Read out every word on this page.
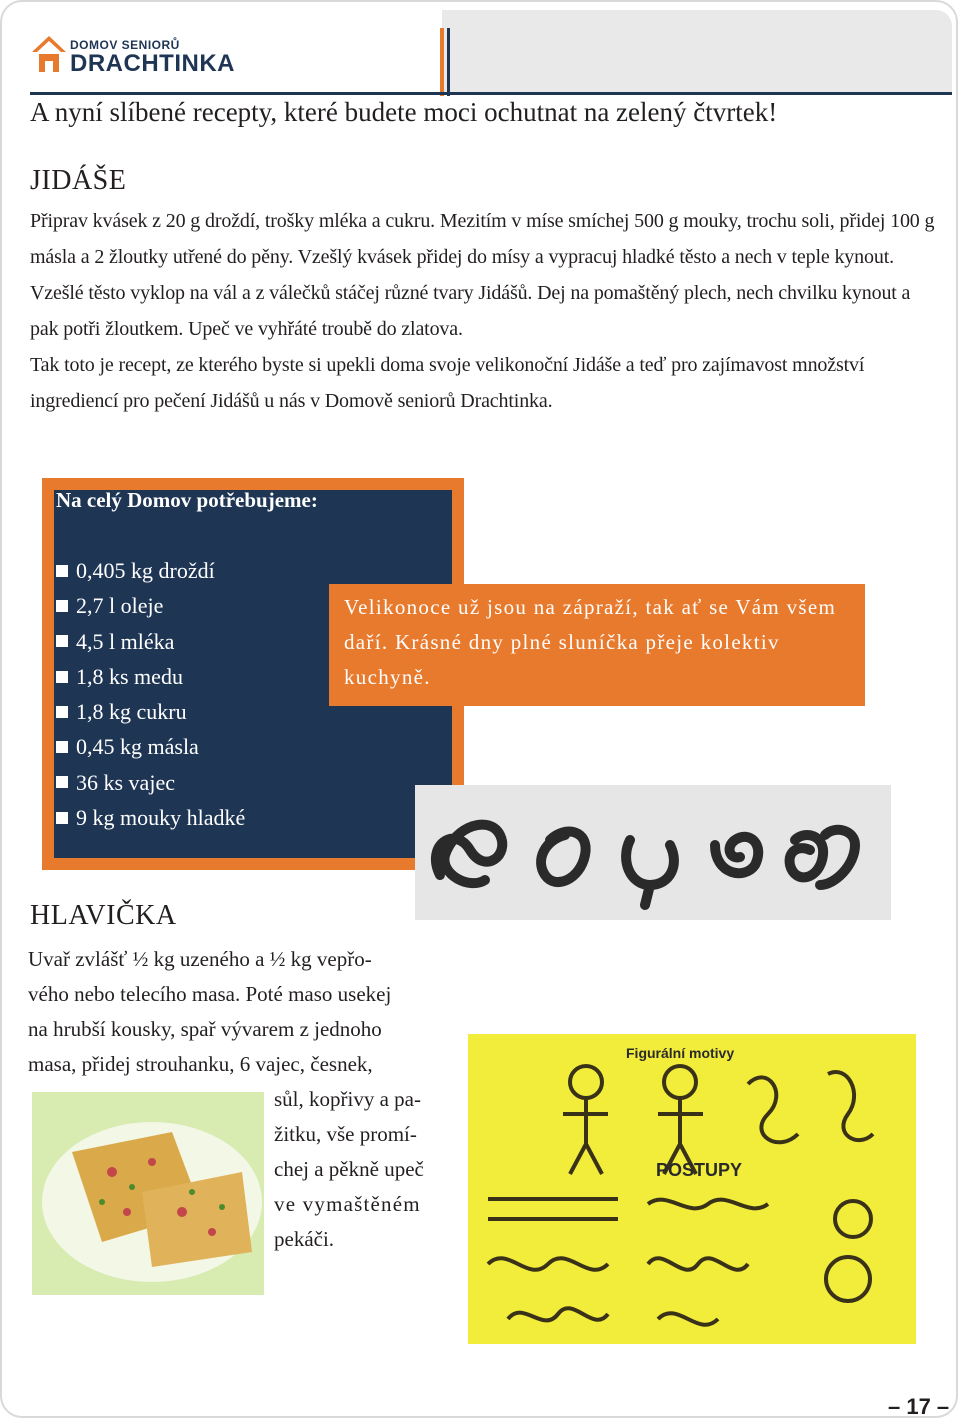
DOMOV SENIORŮ
DRACHTINKA
A nyní slíbené recepty, které budete moci ochutnat na zelený čtvrtek!
JIDÁŠE

Připrav kvásek z 20 g droždí, trošky mléka a cukru. Mezitím v míse smíchej 500 g mouky, trochu soli, přidej 100 g másla a 2 žloutky utřené do pěny. Vzešlý kvásek přidej do mísy a vypracuj hladké těsto a nech v teple kynout. Vzešlé těsto vyklop na vál a z válečků stáčej různé tvary Jidášů. Dej na pomaštěný plech, nech chvilku kynout a pak potři žloutkem. Upeč ve vyhřáté troubě do zlatova.

Tak toto je recept, ze kterého byste si upekli doma svoje velikonoční Jidáše a teď pro zajímavost množství ingrediencí pro pečení Jidášů u nás v Domově seniorů Drachtinka.

Na celý Domov potřebujeme:
0,405 kg droždí
2,7 l oleje
4,5 l mléka
1,8 ks medu
1,8 kg cukru
0,45 kg másla
36 ks vajec
9 kg mouky hladké
Velikonoce už jsou na zápraží, tak ať se Vám všem daří. Krásné dny plné sluníčka přeje kolektiv kuchyně.
Figurální motivy
POSTUPY
HLAVIČKA
Uvař zvlášť ½ kg uzeného a ½ kg vepřo-
vého nebo telecího masa. Poté maso usekej
na hrubší kousky, spař vývarem z jednoho
masa, přidej strouhanku, 6 vajec, česnek,
sůl, kopřivy a pa-
žitku, vše promí-
chej a pěkně upeč
ve vymaštěném
pekáči.
– 17 –
